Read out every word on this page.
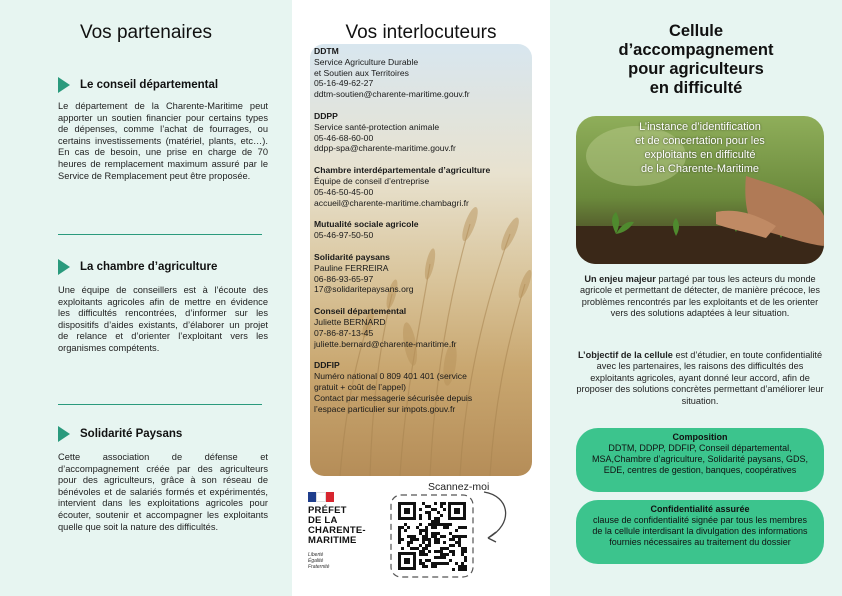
Vos partenaires
Le conseil départemental
Le département de la Charente-Maritime peut apporter un soutien financier pour certains types de dépenses, comme l’achat de fourrages, ou certains investissements (matériel, plants, etc…). En cas de besoin, une prise en charge de 70 heures de remplacement maximum assuré par le Service de Remplacement peut être proposée.
La chambre d’agriculture
Une équipe de conseillers est à l’écoute des exploitants agricoles afin de mettre en évidence les difficultés rencontrées, d’informer sur les dispositifs d’aides existants, d’élaborer un projet de relance et d’orienter l’exploitant vers les organismes compétents.
Solidarité Paysans
Cette association de défense et d’accompagnement créée par des agriculteurs pour des agriculteurs, grâce à son réseau de bénévoles et de salariés formés et expérimentés, intervient dans les exploitations agricoles pour écouter, soutenir et accompagner les exploitants quelle que soit la nature des difficultés.
Vos interlocuteurs
DDTM
Service Agriculture Durable
et Soutien aux Territoires
05-16-49-62-27
ddtm-soutien@charente-maritime.gouv.fr
DDPP
Service santé-protection animale
05-46-68-60-00
ddpp-spa@charente-maritime.gouv.fr
Chambre interdépartementale d’agriculture
Équipe de conseil d’entreprise
05-46-50-45-00
accueil@charente-maritime.chambagri.fr
Mutualité sociale agricole
05-46-97-50-50
Solidarité paysans
Pauline FERREIRA
06-86-93-65-97
17@solidaritepaysans.org
Conseil départemental
Juliette BERNARD
07-86-87-13-45
juliette.bernard@charente-maritime.fr
DDFIP
Numéro national 0 809 401 401 (service
gratuit + coût de l’appel)
Contact par messagerie sécurisée depuis
l’espace particulier sur impots.gouv.fr
PRÉFET
DE LA
CHARENTE-
MARITIME
Liberté
Égalité
Fraternité
Scannez-moi
Cellule
d’accompagnement
pour agriculteurs
en difficulté
L’instance d’identification
et de concertation pour les
exploitants en difficulté
de la Charente-Maritime
Un enjeu majeur partagé par tous les acteurs du monde agricole et permettant de détecter, de manière précoce, les problèmes rencontrés par les exploitants et de les orienter vers des solutions adaptées à leur situation.
L’objectif de la cellule est d’étudier, en toute confidentialité avec les partenaires, les raisons des difficultés des exploitants agricoles, ayant donné leur accord, afin de proposer des solutions concrètes permettant d’améliorer leur situation.
Composition
DDTM, DDPP, DDFIP, Conseil départemental, MSA,Chambre d’agriculture, Solidarité paysans, GDS, EDE, centres de gestion, banques, coopératives
Confidentialité assurée
clause de confidentialité signée par tous les membres de la cellule interdisant la divulgation des informations fournies nécessaires au traitement du dossier
